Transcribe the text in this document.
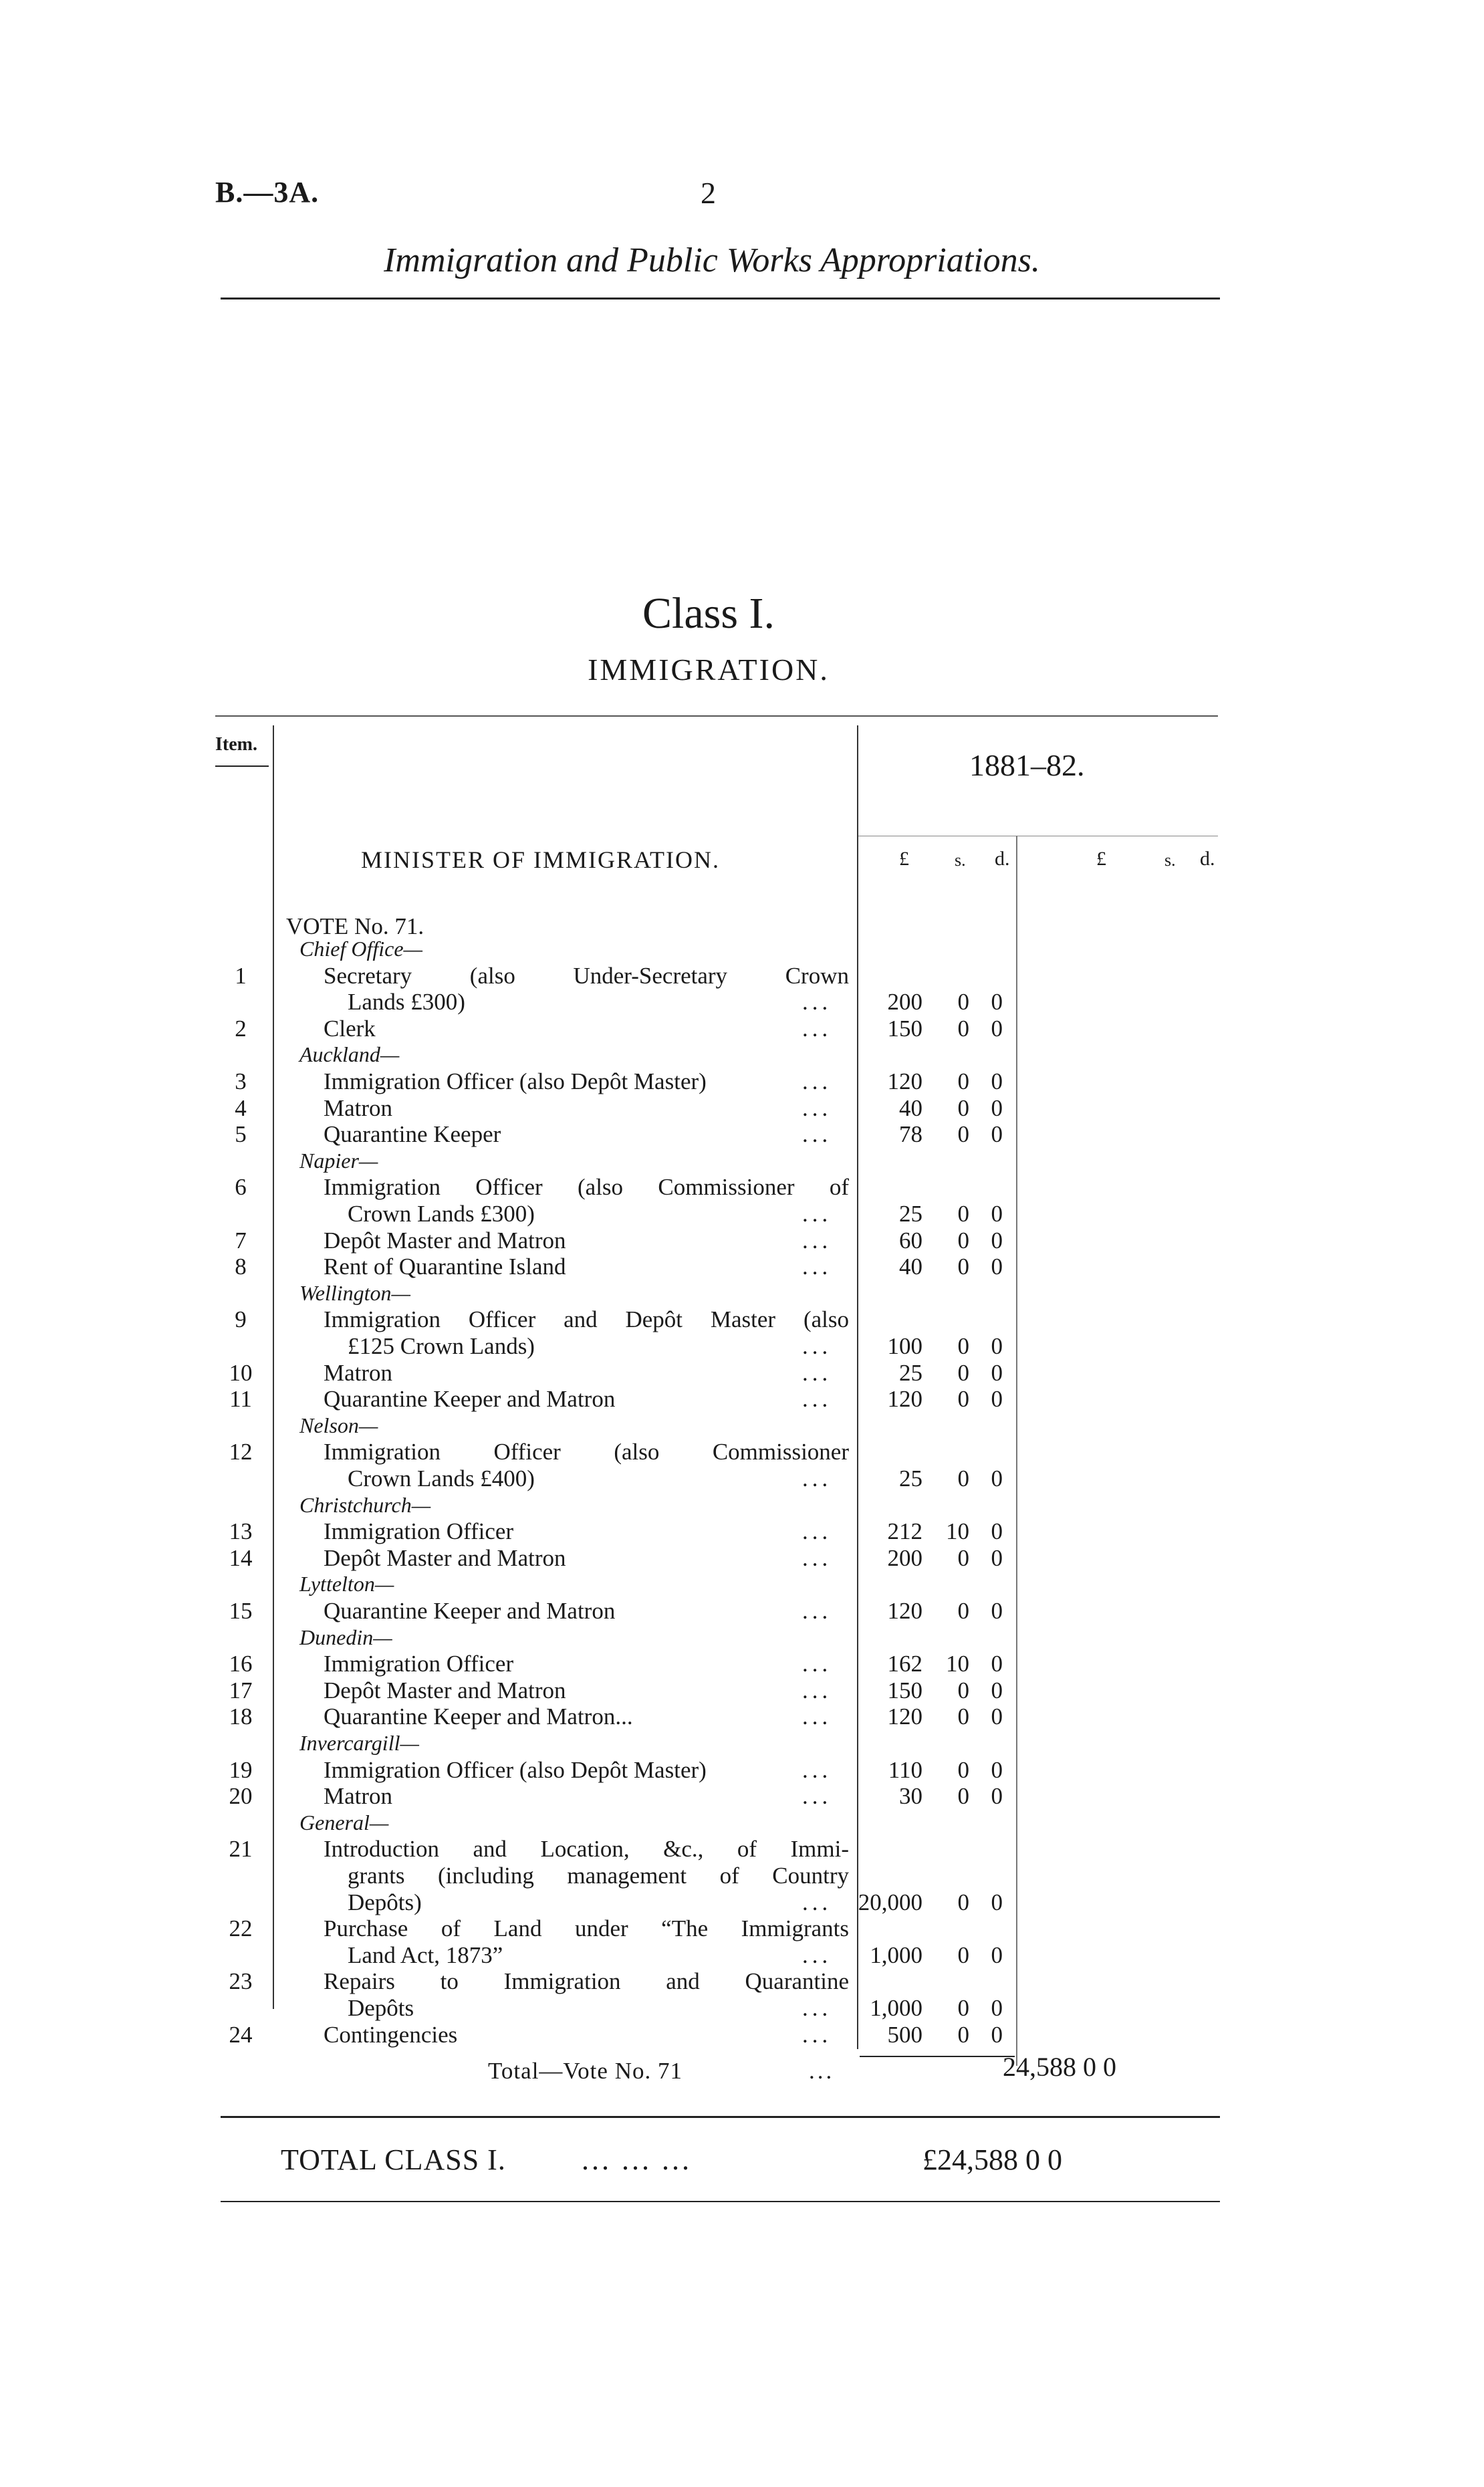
B.—3A.	2
Immigration and Public Works Appropriations.
Class I.
IMMIGRATION.
Item.
1881–82.
MINISTER OF IMMIGRATION.	£	s. d.	£	s. d.
VOTE No. 71.
Chief Office—
1	Secretary (also Under-Secretary Crown
Lands £300)	...	200	0 0
2	Clerk	...	150	0 0
Auckland—
3	Immigration Officer (also Depôt Master)	...	120	0 0
4	Matron	...	40	0 0
5	Quarantine Keeper	...	78	0 0
Napier—
6	Immigration Officer (also Commissioner of
Crown Lands £300)	...	25	0 0
7	Depôt Master and Matron	...	60	0 0
8	Rent of Quarantine Island	...	40	0 0
Wellington—
9	Immigration Officer and Depôt Master (also
£125 Crown Lands)	...	100	0 0
10	Matron	...	25	0 0
11	Quarantine Keeper and Matron	...	120	0 0
Nelson—
12	Immigration Officer (also Commissioner
Crown Lands £400)	...	25	0 0
Christchurch—
13	Immigration Officer	...	212	10 0
14	Depôt Master and Matron	...	200	0 0
Lyttelton—
15	Quarantine Keeper and Matron	...	120	0 0
Dunedin—
16	Immigration Officer	...	162	10 0
17	Depôt Master and Matron	...	150	0 0
18	Quarantine Keeper and Matron...	...	120	0 0
Invercargill—
19	Immigration Officer (also Depôt Master)	...	110	0 0
20	Matron	...	30	0 0
General—
21	Introduction and Location, &c., of Immi-
grants (including management of Country
Depôts)	...	20,000	0 0
22	Purchase of Land under “The Immigrants
Land Act, 1873”	...	1,000	0 0
23	Repairs to Immigration and Quarantine
Depôts	...	1,000	0 0
24	Contingencies	...	500	0 0
Total—Vote No. 71	...	24,588 0 0
TOTAL CLASS I.	... ... ...	£24,588 0 0
